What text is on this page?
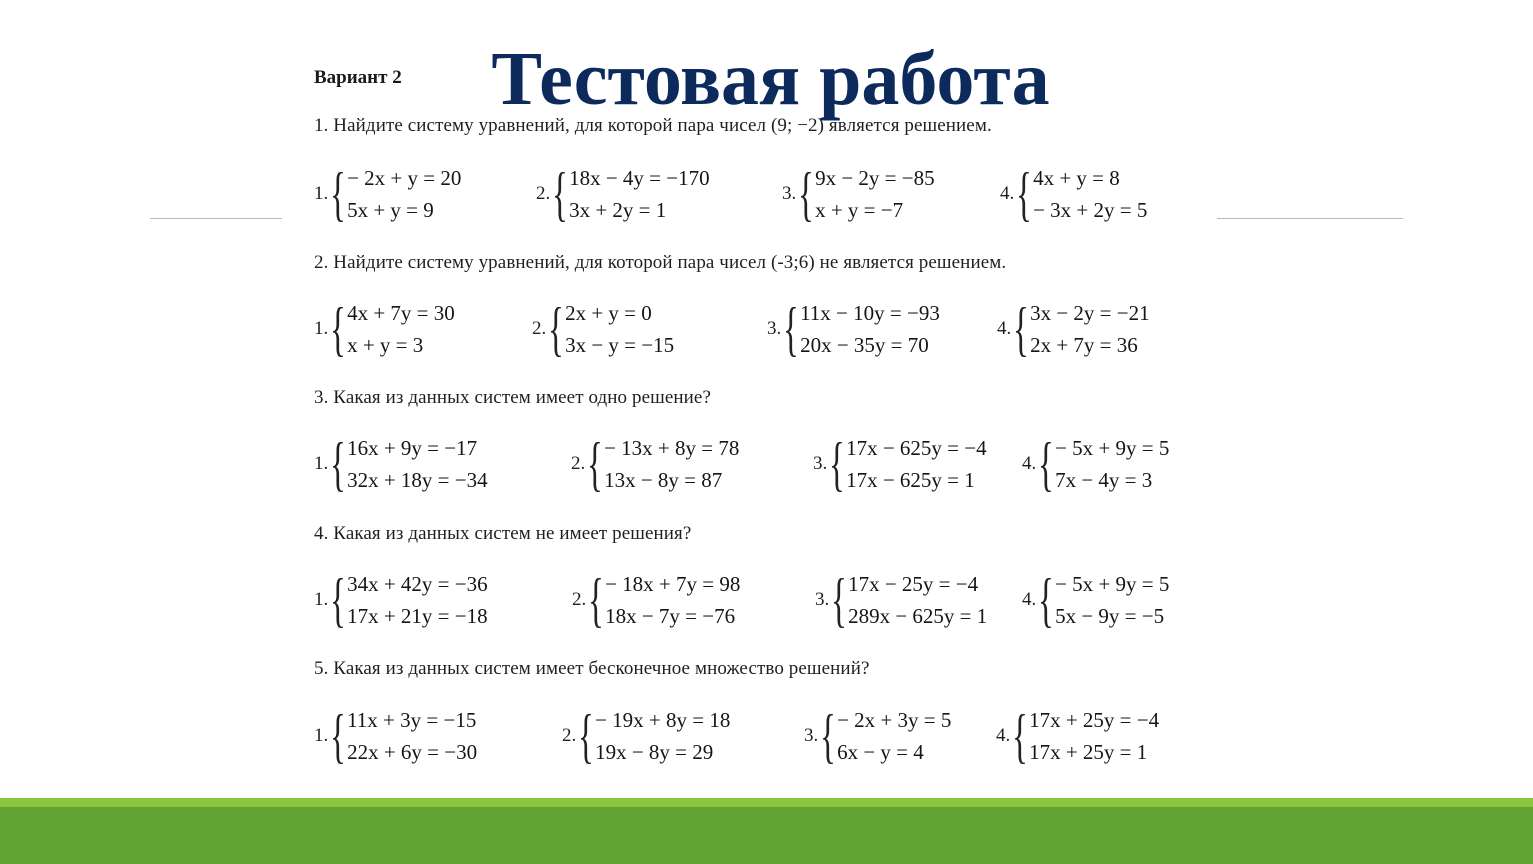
Тестовая работа
Вариант 2
1. Найдите систему уравнений, для которой пара чисел (9; −2) является решением.
1. { − 2x + y = 20
5x + y = 9
2. { 18x − 4y = −170
3x + 2y = 1
3. { 9x − 2y = −85
x + y = −7
4. { 4x + y = 8
− 3x + 2y = 5
2. Найдите систему уравнений, для которой пара чисел (-3;6) не является решением.
1. { 4x + 7y = 30
x + y = 3
2. { 2x + y = 0
3x − y = −15
3. { 11x − 10y = −93
20x − 35y = 70
4. { 3x − 2y = −21
2x + 7y = 36
3. Какая из данных систем имеет одно решение?
1. { 16x + 9y = −17
32x + 18y = −34
2. { − 13x + 8y = 78
13x − 8y = 87
3. { 17x − 625y = −4
17x − 625y = 1
4. { − 5x + 9y = 5
7x − 4y = 3
4. Какая из данных систем не имеет решения?
1. { 34x + 42y = −36
17x + 21y = −18
2. { − 18x + 7y = 98
18x − 7y = −76
3. { 17x − 25y = −4
289x − 625y = 1
4. { − 5x + 9y = 5
5x − 9y = −5
5. Какая из данных систем имеет бесконечное множество решений?
1. { 11x + 3y = −15
22x + 6y = −30
2. { − 19x + 8y = 18
19x − 8y = 29
3. { − 2x + 3y = 5
6x − y = 4
4. { 17x + 25y = −4
17x + 25y = 1
